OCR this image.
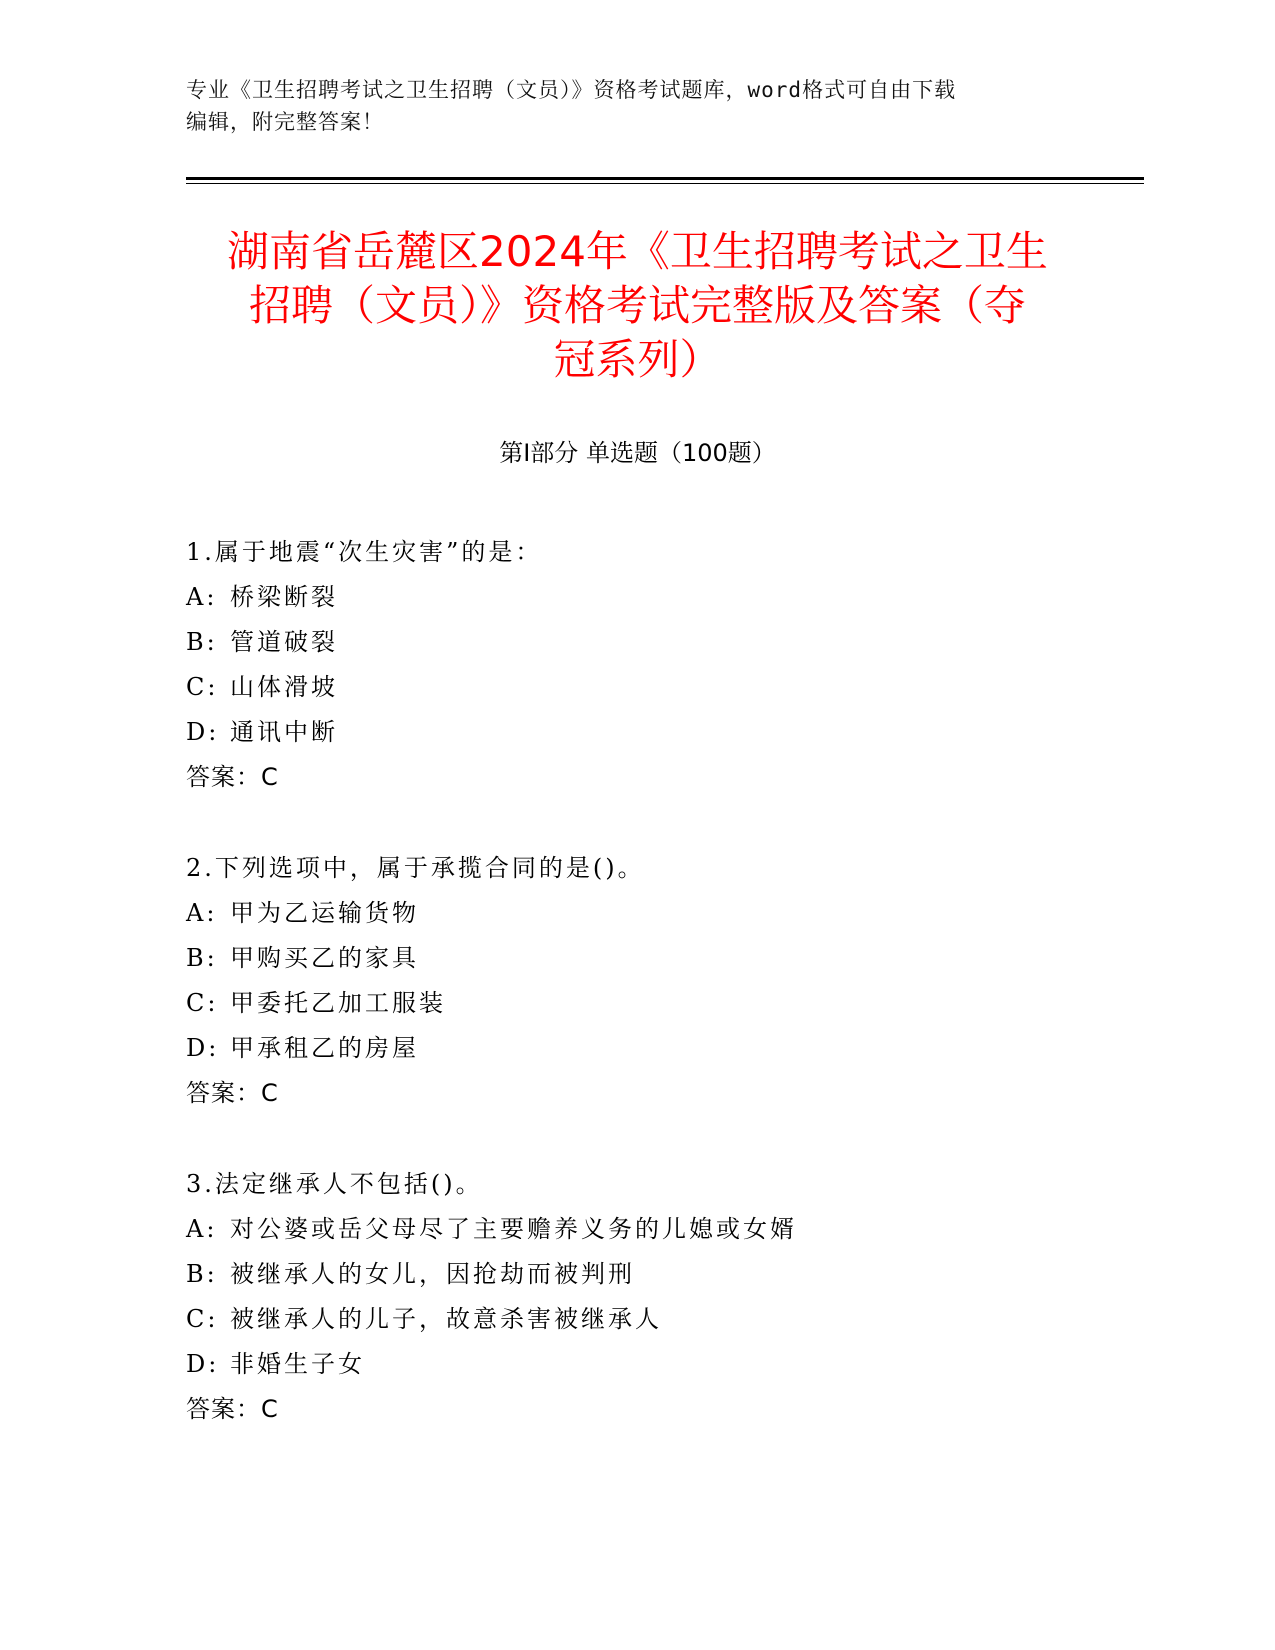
专业《卫生招聘考试之卫生招聘（文员）》资格考试题库，word格式可自由下载
编辑，附完整答案！
湖南省岳麓区2024年《卫生招聘考试之卫生
招聘（文员）》资格考试完整版及答案（夺
冠系列）
第Ⅰ部分 单选题（100题）
1.属于地震“次生灾害”的是：
A: 桥梁断裂
B: 管道破裂
C: 山体滑坡
D: 通讯中断
答案：C
2.下列选项中，属于承揽合同的是()。
A: 甲为乙运输货物
B: 甲购买乙的家具
C: 甲委托乙加工服装
D: 甲承租乙的房屋
答案：C
3.法定继承人不包括()。
A: 对公婆或岳父母尽了主要赡养义务的儿媳或女婿
B: 被继承人的女儿，因抢劫而被判刑
C: 被继承人的儿子，故意杀害被继承人
D: 非婚生子女
答案：C
